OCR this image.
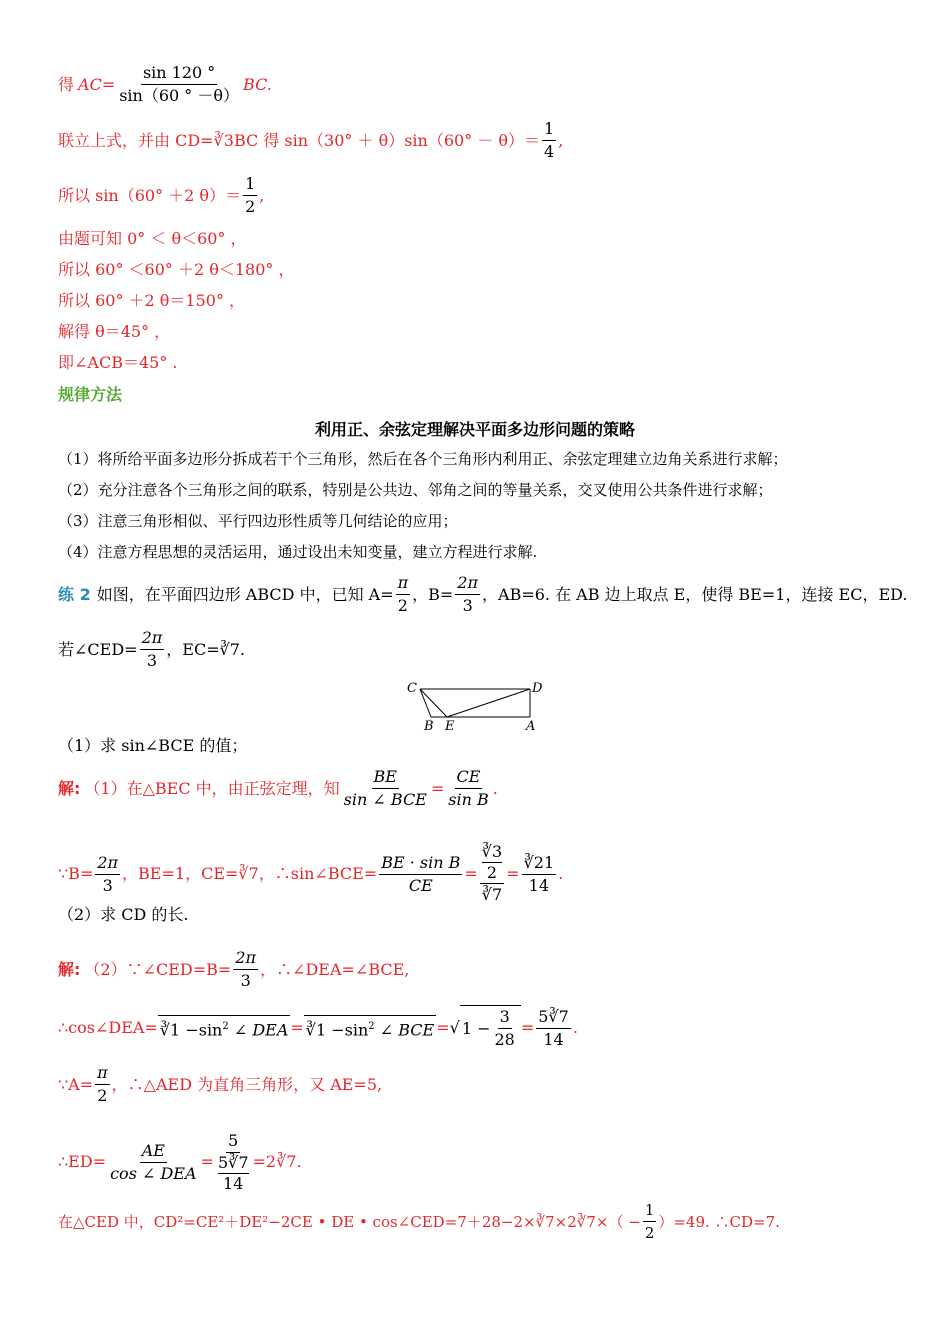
得 $AC= \frac{\sin 120 ^\circ}{\sin(60 ^\circ -\theta)}$ BC.
联立上式，并由 CD=∛3BC 得 $\sin(30^\circ + \theta)\sin(60^\circ - \theta)= \frac{1}{4}$ ,
所以 sin（60° ＋2 $\theta)= \frac{1}{2}$ ,
由题可知 0° ＜ θ＜60° ，
所以 60° ＜60° ＋2 θ＜180° ，
所以 60° ＋2 θ＝150° ，
解得 θ＝45° ，
即∠ACB＝45° .
规律方法
利用正、余弦定理解决平面多边形问题的策略
（1）将所给平面多边形分拆成若干个三角形，然后在各个三角形内利用正、余弦定理建立边角关系进行求解；
（2）充分注意各个三角形之间的联系，特别是公共边、邻角之间的等量关系，交叉使用公共条件进行求解；
（3）注意三角形相似、平行四边形性质等几何结论的应用；
（4）注意方程思想的灵活运用，通过设出未知变量，建立方程进行求解.
练 2 如图，在平面四边形 ABCD 中，已知 $A= \frac{\pi}{2}$ ，$B= \frac{2\pi}{3}$ ，AB=6. 在 AB 边上取点 E，使得 BE=1，连接 EC，ED.
若∠CED= $\frac{2\pi}{3}$ ，EC=∛7.
C	D
B E	A
（1）求 sin∠BCE 的值；
解: （1）在△BEC 中，由正弦定理，知 $\frac{BE}{\text{sin ∠ BCE}} = \frac{CE}{\text{sin B}}$ .
∵B= $\frac{2\pi}{3}$ ，BE=1，CE=∛7，∴sin∠BCE= $\frac{\text{BE · sin B}}{CE} = \frac{\frac{∛3}{2}}{∛7} = \frac{∛21}{14}$ .
（2）求 CD 的长.
解: （2）∵∠CED=B= $\frac{2\pi}{3}$ ，∴∠DEA=∠BCE,
∴cos∠DEA= ∛1 $-\sin^2$ ∠ DEA = ∛1 $-\sin^2$ ∠ BCE = √ $1 - \frac{3}{28} = \frac{5∛7}{14}$ .
∵A= $\frac{\pi}{2}$ ，∴△AED 为直角三角形，又 AE=5,
∴ED= $\frac{AE}{\text{cos ∠ DEA}} = \frac{5}{\frac{5∛7}{14}}$ =2∛7.
在△CED 中，CD²=CE²＋DE²−2CE • DE • cos∠CED=7＋28−2×∛7×2∛7×（ − $\frac{1}{2} )=49$. ∴CD=7.
